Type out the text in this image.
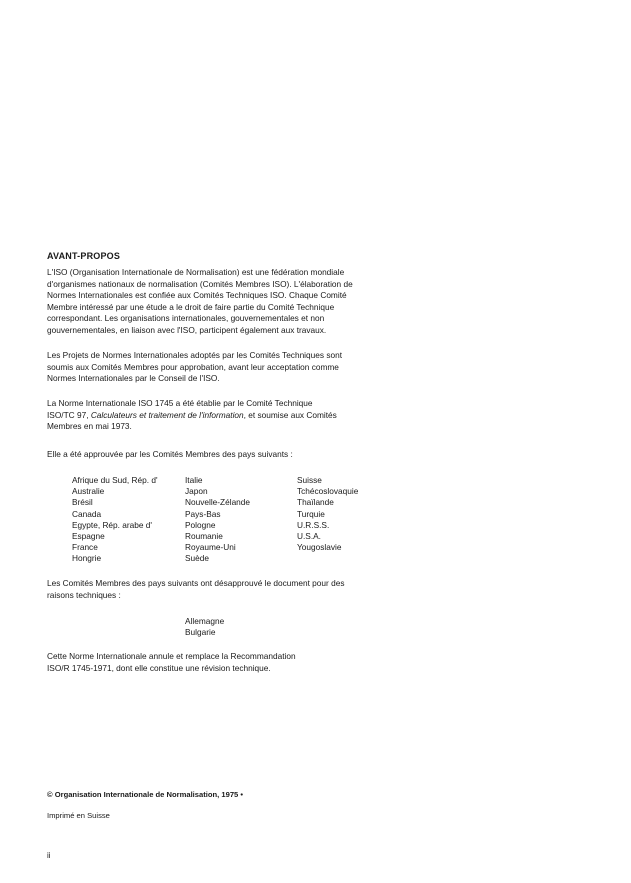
AVANT-PROPOS
L'ISO (Organisation Internationale de Normalisation) est une fédération mondiale
d'organismes nationaux de normalisation (Comités Membres ISO). L'élaboration de
Normes Internationales est confiée aux Comités Techniques ISO. Chaque Comité
Membre intéressé par une étude a le droit de faire partie du Comité Technique
correspondant. Les organisations internationales, gouvernementales et non
gouvernementales, en liaison avec l'ISO, participent également aux travaux.
Les Projets de Normes Internationales adoptés par les Comités Techniques sont
soumis aux Comités Membres pour approbation, avant leur acceptation comme
Normes Internationales par le Conseil de l'ISO.
La Norme Internationale ISO 1745 a été établie par le Comité Technique
ISO/TC 97, Calculateurs et traitement de l'information, et soumise aux Comités
Membres en mai 1973.
Elle a été approuvée par les Comités Membres des pays suivants :
Afrique du Sud, Rép. d'
Australie
Brésil
Canada
Egypte, Rép. arabe d'
Espagne
France
Hongrie
Italie
Japon
Nouvelle-Zélande
Pays-Bas
Pologne
Roumanie
Royaume-Uni
Suède
Suisse
Tchécoslovaquie
Thaïlande
Turquie
U.R.S.S.
U.S.A.
Yougoslavie
Les Comités Membres des pays suivants ont désapprouvé le document pour des
raisons techniques :
Allemagne
Bulgarie
Cette Norme Internationale annule et remplace la Recommandation
ISO/R 1745-1971, dont elle constitue une révision technique.
© Organisation Internationale de Normalisation, 1975 •
Imprimé en Suisse
ii
